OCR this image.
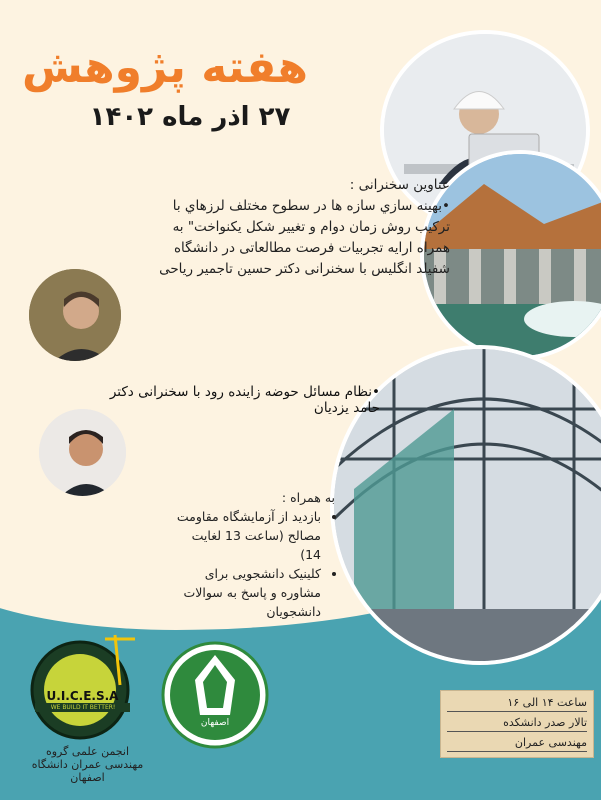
هفته پژوهش
۲۷ اذر ماه ۱۴۰۲
عناوین سخنرانی :
•بهینه سازي سازه ها در سطوح مختلف لرزهاي با ترکیب روش زمان دوام و تغییر شکل یکنواخت" به همراه ارایه تجربیات فرصت مطالعاتی در دانشگاه شفیلد انگلیس با سخنرانی دکتر حسین تاجمیر ریاحی
•نظام مسائل حوضه زاینده رود با سخنرانی دکتر حامد یزدیان
به همراه :
• بازدید از آزمایشگاه مقاومت مصالح (ساعت 13 لغایت 14)
• کلینیک دانشجویی برای مشاوره و پاسخ به سوالات دانشجویان
U.I.C.E.S.A
WE BUILD IT BETTER!
انجمن علمی گروه مهندسی عمران دانشگاه اصفهان
اصفهان
ساعت ۱۴ الی ۱۶
تالار صدر دانشکده
مهندسی عمران
